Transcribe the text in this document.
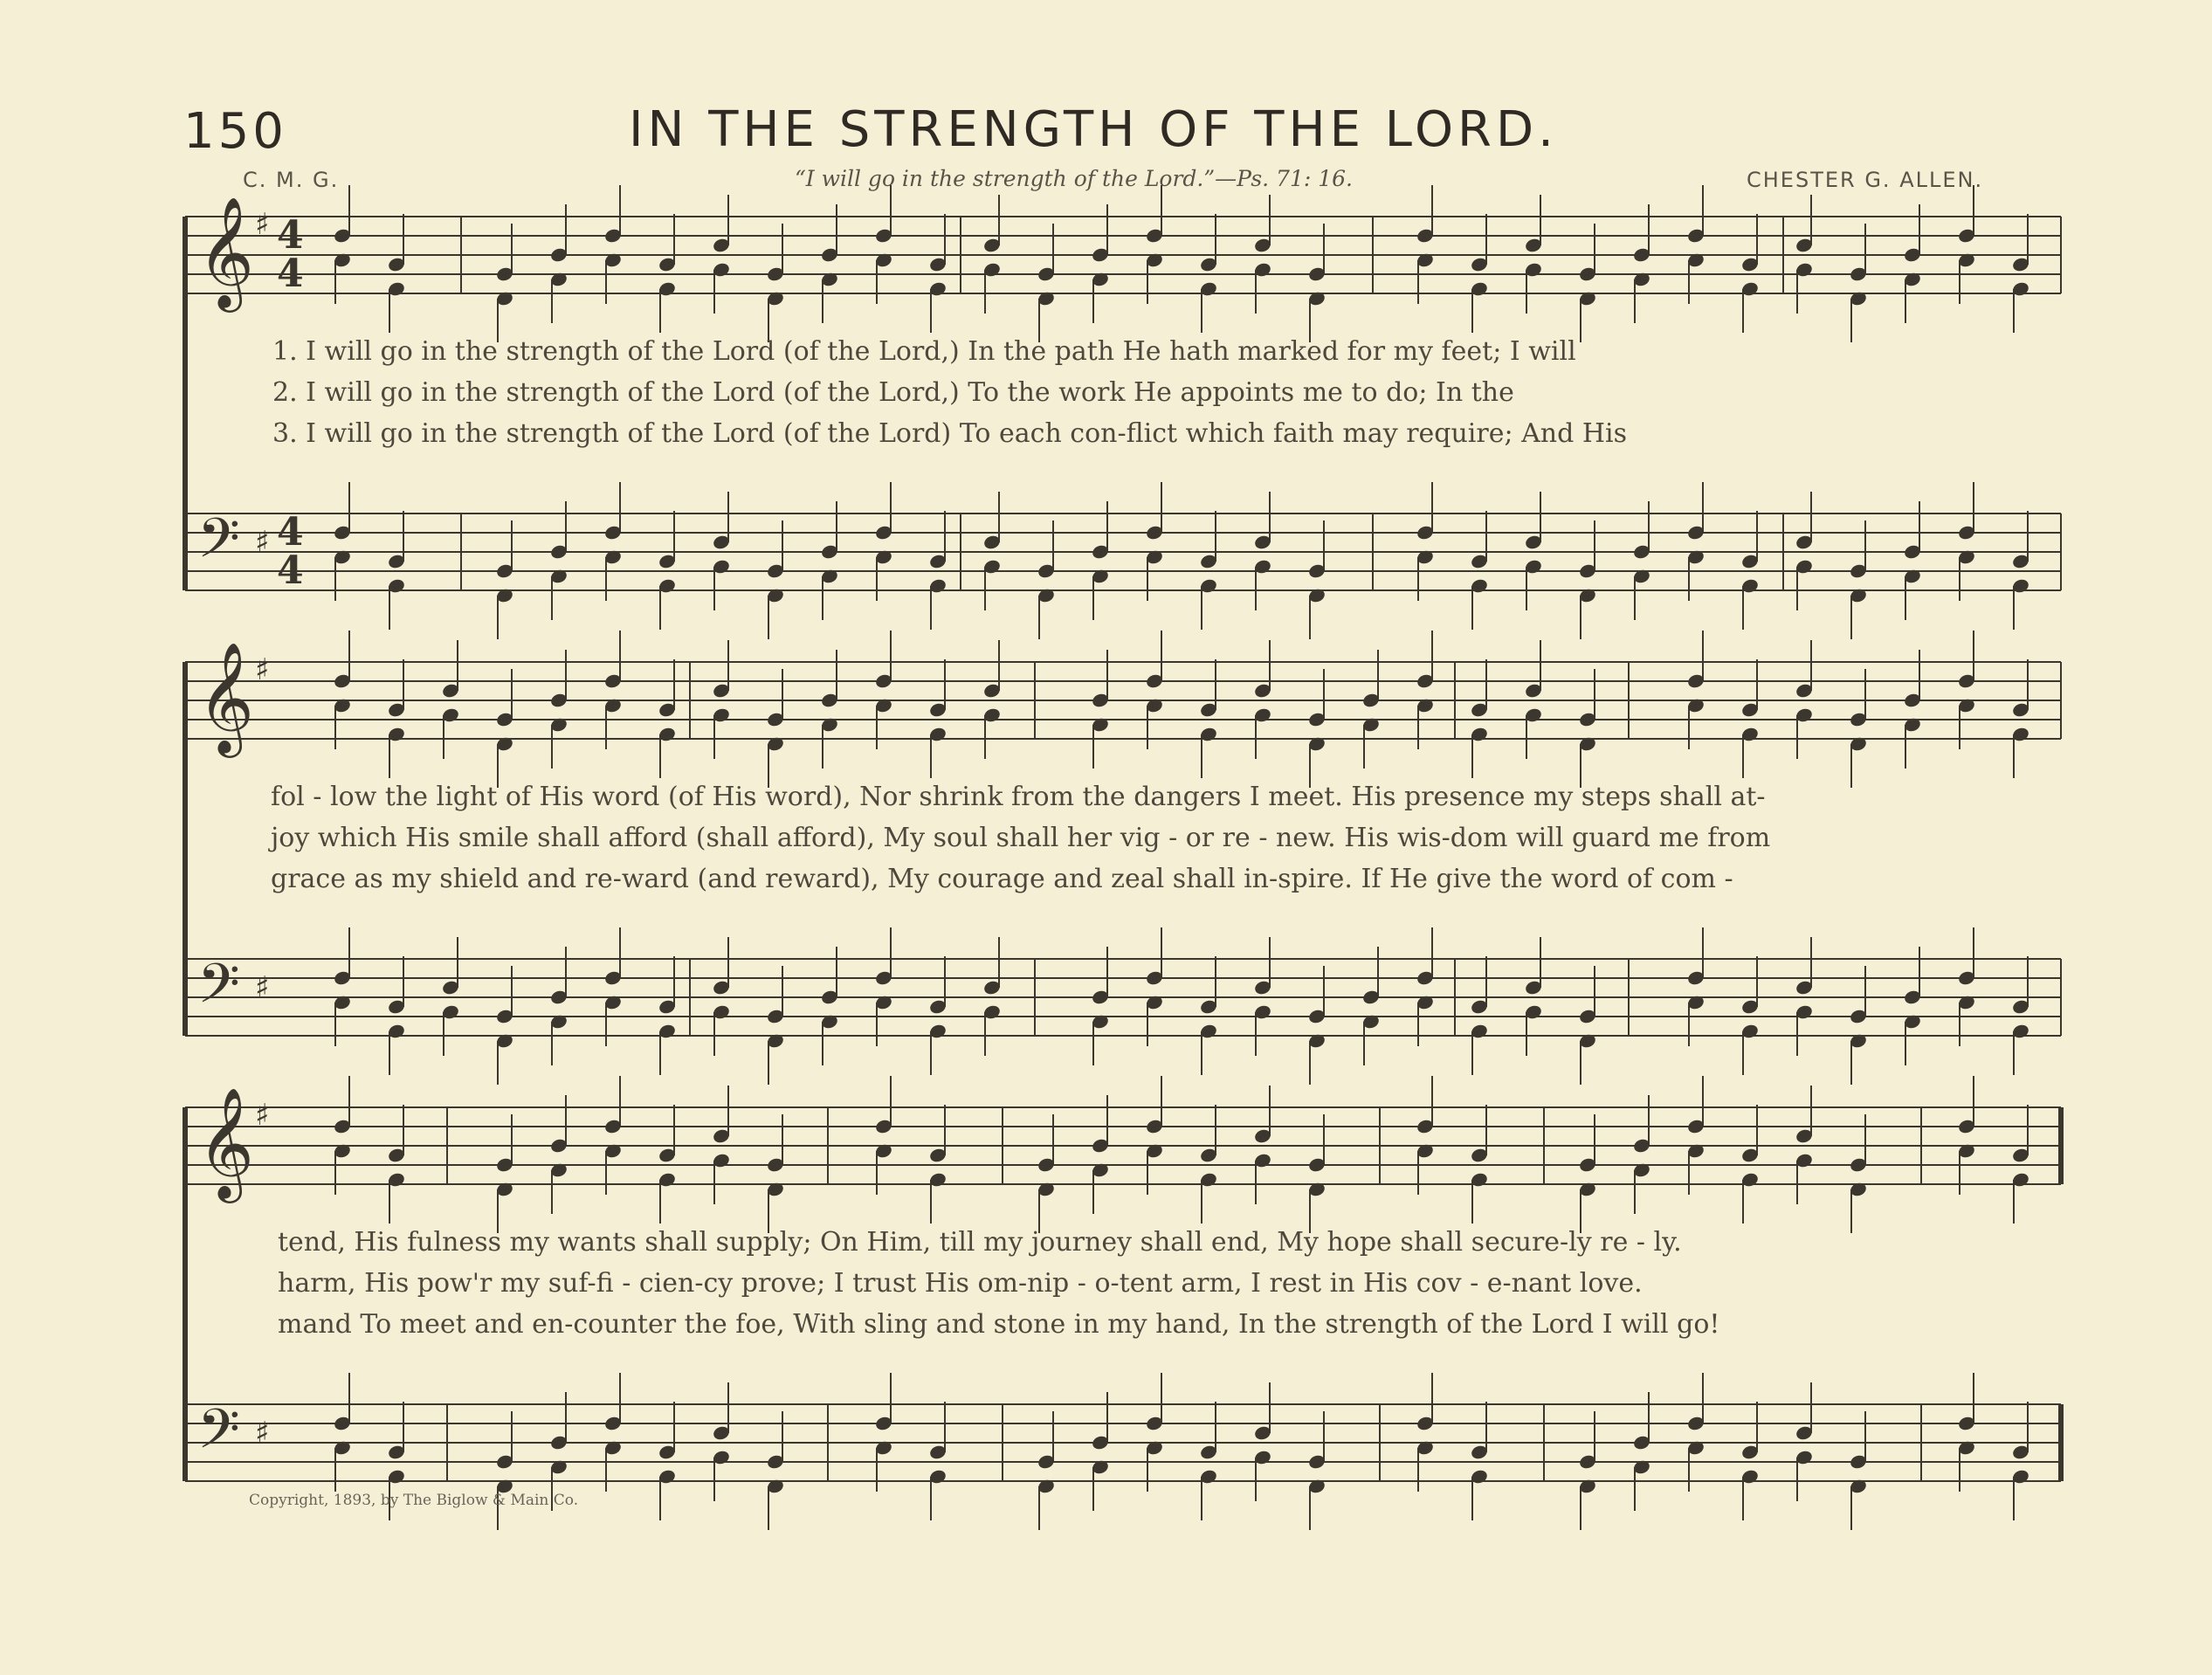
150	IN THE STRENGTH OF THE LORD.
C. M. G.	“I will go in the strength of the Lord.”—Ps. 71: 16.	CHESTER G. ALLEN.
𝄞 ♯ 4
4
𝄢 ♯ 4
4
𝄞 ♯
𝄢 ♯
𝄞 ♯
𝄢 ♯
1. I will go in the strength of the Lord (of the Lord,) In the path He hath marked for my feet; I will
2. I will go in the strength of the Lord (of the Lord,) To the work He appoints me to do; In the
3. I will go in the strength of the Lord (of the Lord) To each con-flict which faith may require; And His
fol - low the light of His word (of His word), Nor shrink from the dangers I meet. His presence my steps shall at-
joy which His smile shall afford (shall afford), My soul shall her vig - or re - new. His wis-dom will guard me from
grace as my shield and re-ward (and reward), My courage and zeal shall in-spire. If He give the word of com -
tend, His fulness my wants shall supply; On Him, till my journey shall end, My hope shall secure-ly re - ly.
harm, His pow'r my suf-fi - cien-cy prove; I trust His om-nip - o-tent arm, I rest in His cov - e-nant love.
mand To meet and en-counter the foe, With sling and stone in my hand, In the strength of the Lord I will go!
Copyright, 1893, by The Biglow & Main Co.
